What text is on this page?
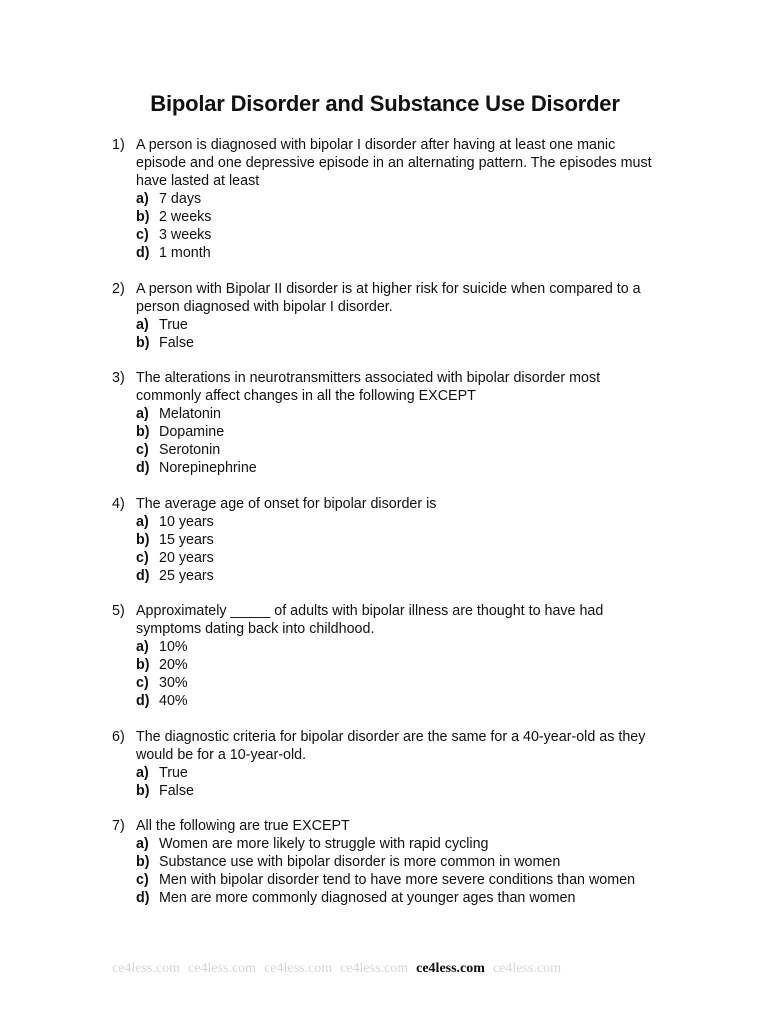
Bipolar Disorder and Substance Use Disorder
1) A person is diagnosed with bipolar I disorder after having at least one manic episode and one depressive episode in an alternating pattern. The episodes must have lasted at least
a) 7 days
b) 2 weeks
c) 3 weeks
d) 1 month
2) A person with Bipolar II disorder is at higher risk for suicide when compared to a person diagnosed with bipolar I disorder.
a) True
b) False
3) The alterations in neurotransmitters associated with bipolar disorder most commonly affect changes in all the following EXCEPT
a) Melatonin
b) Dopamine
c) Serotonin
d) Norepinephrine
4) The average age of onset for bipolar disorder is
a) 10 years
b) 15 years
c) 20 years
d) 25 years
5) Approximately _____ of adults with bipolar illness are thought to have had symptoms dating back into childhood.
a) 10%
b) 20%
c) 30%
d) 40%
6) The diagnostic criteria for bipolar disorder are the same for a 40-year-old as they would be for a 10-year-old.
a) True
b) False
7) All the following are true EXCEPT
a) Women are more likely to struggle with rapid cycling
b) Substance use with bipolar disorder is more common in women
c) Men with bipolar disorder tend to have more severe conditions than women
d) Men are more commonly diagnosed at younger ages than women
ce4less.com ce4less.com ce4less.com ce4less.com ce4less.com ce4less.com
